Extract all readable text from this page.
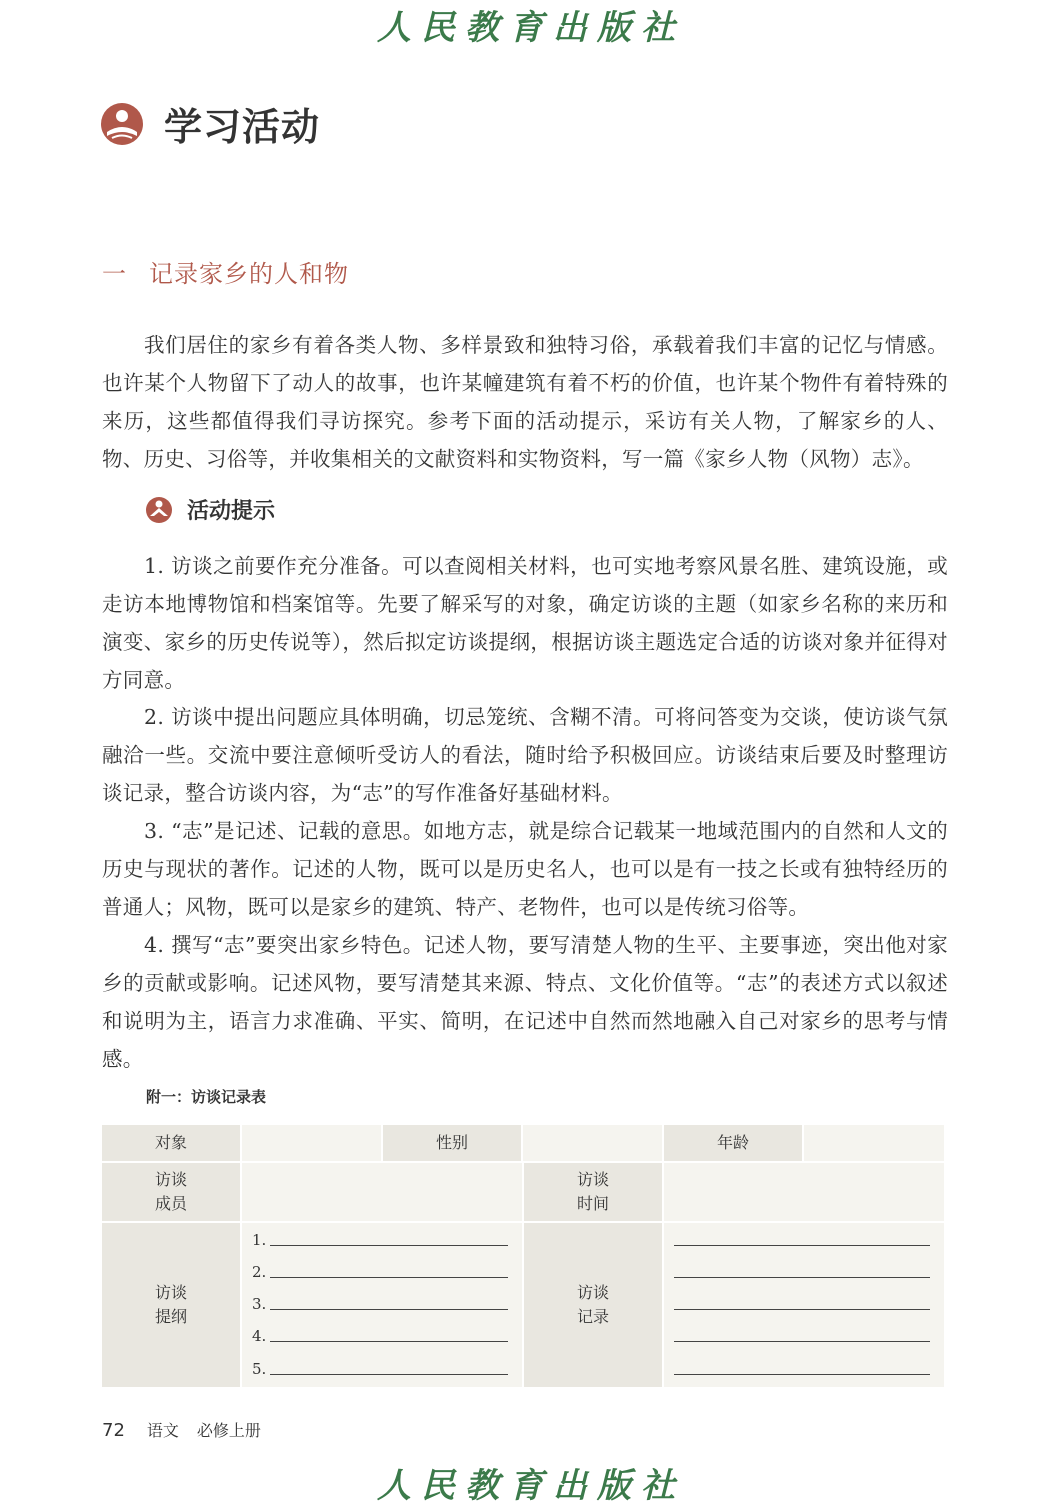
人民教育出版社
学习活动
一 记录家乡的人和物
我们居住的家乡有着各类人物、多样景致和独特习俗，承载着我们丰富的记忆与情感。也许某个人物留下了动人的故事，也许某幢建筑有着不朽的价值，也许某个物件有着特殊的来历，这些都值得我们寻访探究。参考下面的活动提示，采访有关人物，了解家乡的人、物、历史、习俗等，并收集相关的文献资料和实物资料，写一篇《家乡人物（风物）志》。
活动提示
1. 访谈之前要作充分准备。可以查阅相关材料，也可实地考察风景名胜、建筑设施，或走访本地博物馆和档案馆等。先要了解采写的对象，确定访谈的主题（如家乡名称的来历和演变、家乡的历史传说等），然后拟定访谈提纲，根据访谈主题选定合适的访谈对象并征得对方同意。
2. 访谈中提出问题应具体明确，切忌笼统、含糊不清。可将问答变为交谈，使访谈气氛融洽一些。交流中要注意倾听受访人的看法，随时给予积极回应。访谈结束后要及时整理访谈记录，整合访谈内容，为“志”的写作准备好基础材料。
3. “志”是记述、记载的意思。如地方志，就是综合记载某一地域范围内的自然和人文的历史与现状的著作。记述的人物，既可以是历史名人，也可以是有一技之长或有独特经历的普通人；风物，既可以是家乡的建筑、特产、老物件，也可以是传统习俗等。
4. 撰写“志”要突出家乡特色。记述人物，要写清楚人物的生平、主要事迹，突出他对家乡的贡献或影响。记述风物，要写清楚其来源、特点、文化价值等。“志”的表述方式以叙述和说明为主，语言力求准确、平实、简明，在记述中自然而然地融入自己对家乡的思考与情感。
附一：访谈记录表
对象	性别	年龄
访谈
成员
访谈
时间
访谈
提纲
访谈
记录
1.
2.
3.
4.
5.
72 语文 必修上册
人民教育出版社
